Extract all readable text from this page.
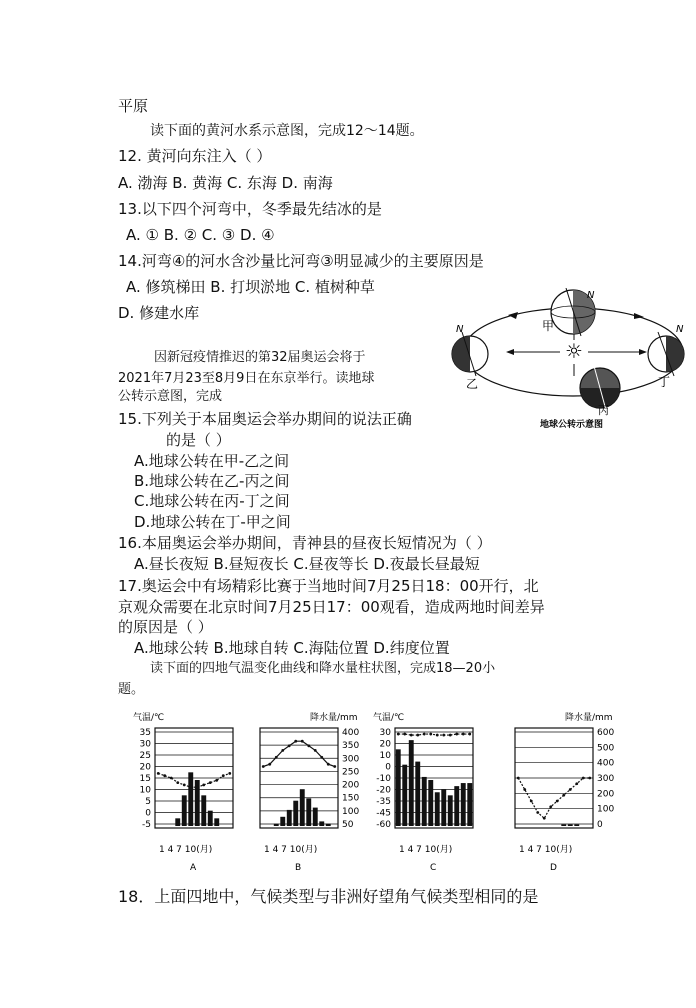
平原
读下面的黄河水系示意图，完成12～14题。
12. 黄河向东注入（ ）
A. 渤海 B. 黄海 C. 东海 D. 南海
13.以下四个河弯中，冬季最先结冰的是
A. ① B. ② C. ③ D. ④
14.河弯④的河水含沙量比河弯③明显减少的主要原因是
A. 修筑梯田 B. 打坝淤地 C. 植树种草
D. 修建水库
因新冠疫情推迟的第32届奥运会将于
2021年7月23至8月9日在东京举行。读地球
公转示意图，完成
15.下列关于本届奥运会举办期间的说法正确
的是（ ）
A.地球公转在甲-乙之间
B.地球公转在乙-丙之间
C.地球公转在丙-丁之间
D.地球公转在丁-甲之间
16.本届奥运会举办期间，青神县的昼夜长短情况为（ ）
A.昼长夜短 B.昼短夜长 C.昼夜等长 D.夜最长昼最短
17.奥运会中有场精彩比赛于当地时间7月25日18：00开行，北
京观众需要在北京时间7月25日17：00观看，造成两地时间差异
的原因是（ ）
A.地球公转 B.地球自转 C.海陆位置 D.纬度位置
读下面的四地气温变化曲线和降水量柱状图，完成18—20小
题。
18．上面四地中，气候类型与非洲好望角气候类型相同的是
☼
N
甲
N
乙
N
丁
丙
地球公转示意图
35
30
25
20
15
10
5
0
-5
气温/℃
1 4 7 10(月)
A
400
350
300
250
200
150
100
50
降水量/mm
1 4 7 10(月)
B
30
20
10
0
-10
-20
-35
-45
-60
气温/℃
1 4 7 10(月)
C
600
500
400
300
200
100
0
降水量/mm
1 4 7 10(月)
D
